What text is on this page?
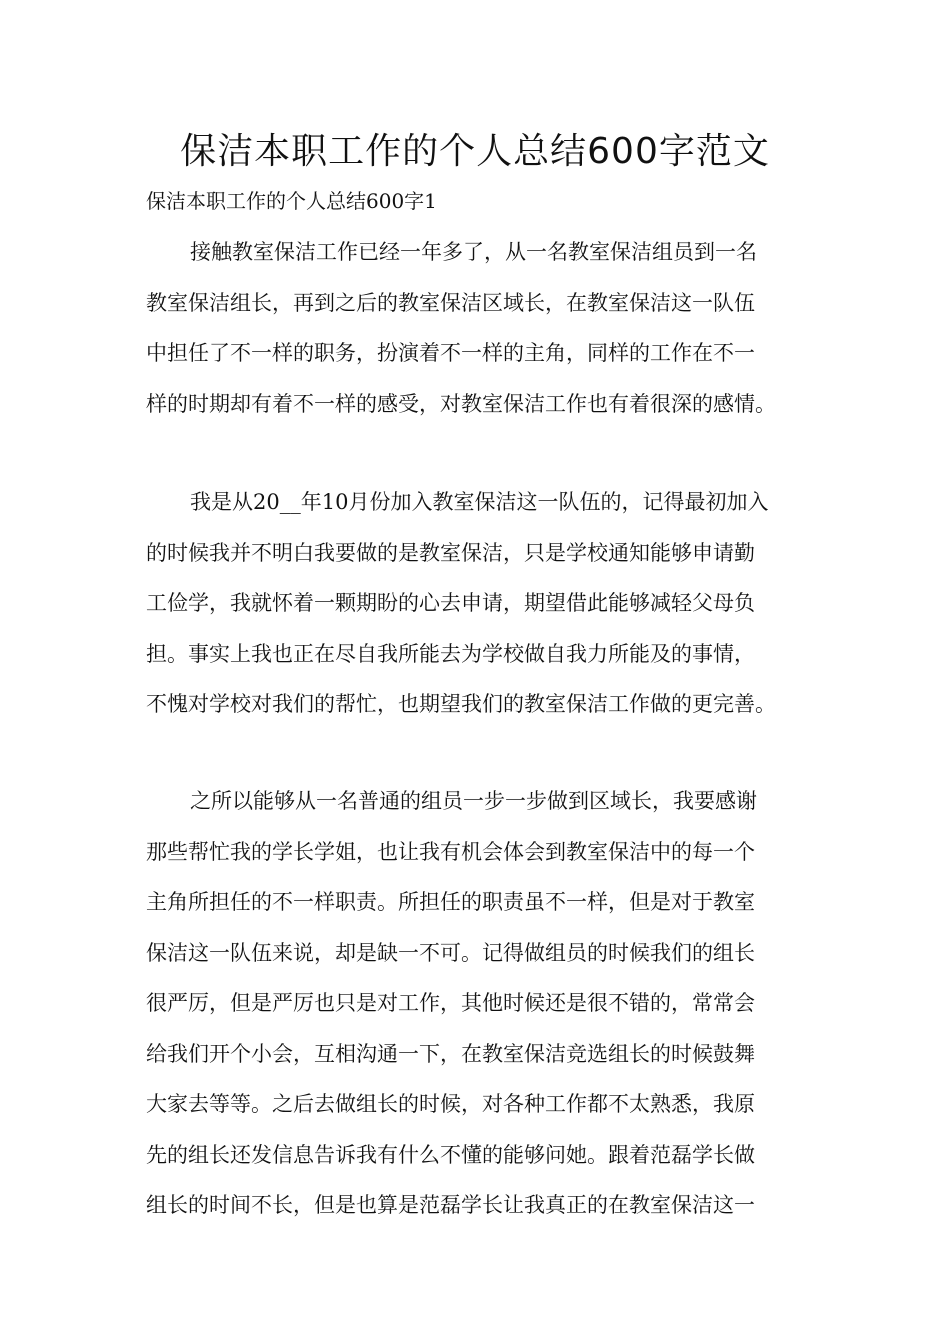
保洁本职工作的个人总结600字范文
保洁本职工作的个人总结600字1
接触教室保洁工作已经一年多了，从一名教室保洁组员到一名
教室保洁组长，再到之后的教室保洁区域长，在教室保洁这一队伍
中担任了不一样的职务，扮演着不一样的主角，同样的工作在不一
样的时期却有着不一样的感受，对教室保洁工作也有着很深的感情。
我是从20__年10月份加入教室保洁这一队伍的，记得最初加入
的时候我并不明白我要做的是教室保洁，只是学校通知能够申请勤
工俭学，我就怀着一颗期盼的心去申请，期望借此能够减轻父母负
担。事实上我也正在尽自我所能去为学校做自我力所能及的事情，
不愧对学校对我们的帮忙，也期望我们的教室保洁工作做的更完善。
之所以能够从一名普通的组员一步一步做到区域长，我要感谢
那些帮忙我的学长学姐，也让我有机会体会到教室保洁中的每一个
主角所担任的不一样职责。所担任的职责虽不一样，但是对于教室
保洁这一队伍来说，却是缺一不可。记得做组员的时候我们的组长
很严厉，但是严厉也只是对工作，其他时候还是很不错的，常常会
给我们开个小会，互相沟通一下，在教室保洁竞选组长的时候鼓舞
大家去等等。之后去做组长的时候，对各种工作都不太熟悉，我原
先的组长还发信息告诉我有什么不懂的能够问她。跟着范磊学长做
组长的时间不长，但是也算是范磊学长让我真正的在教室保洁这一
